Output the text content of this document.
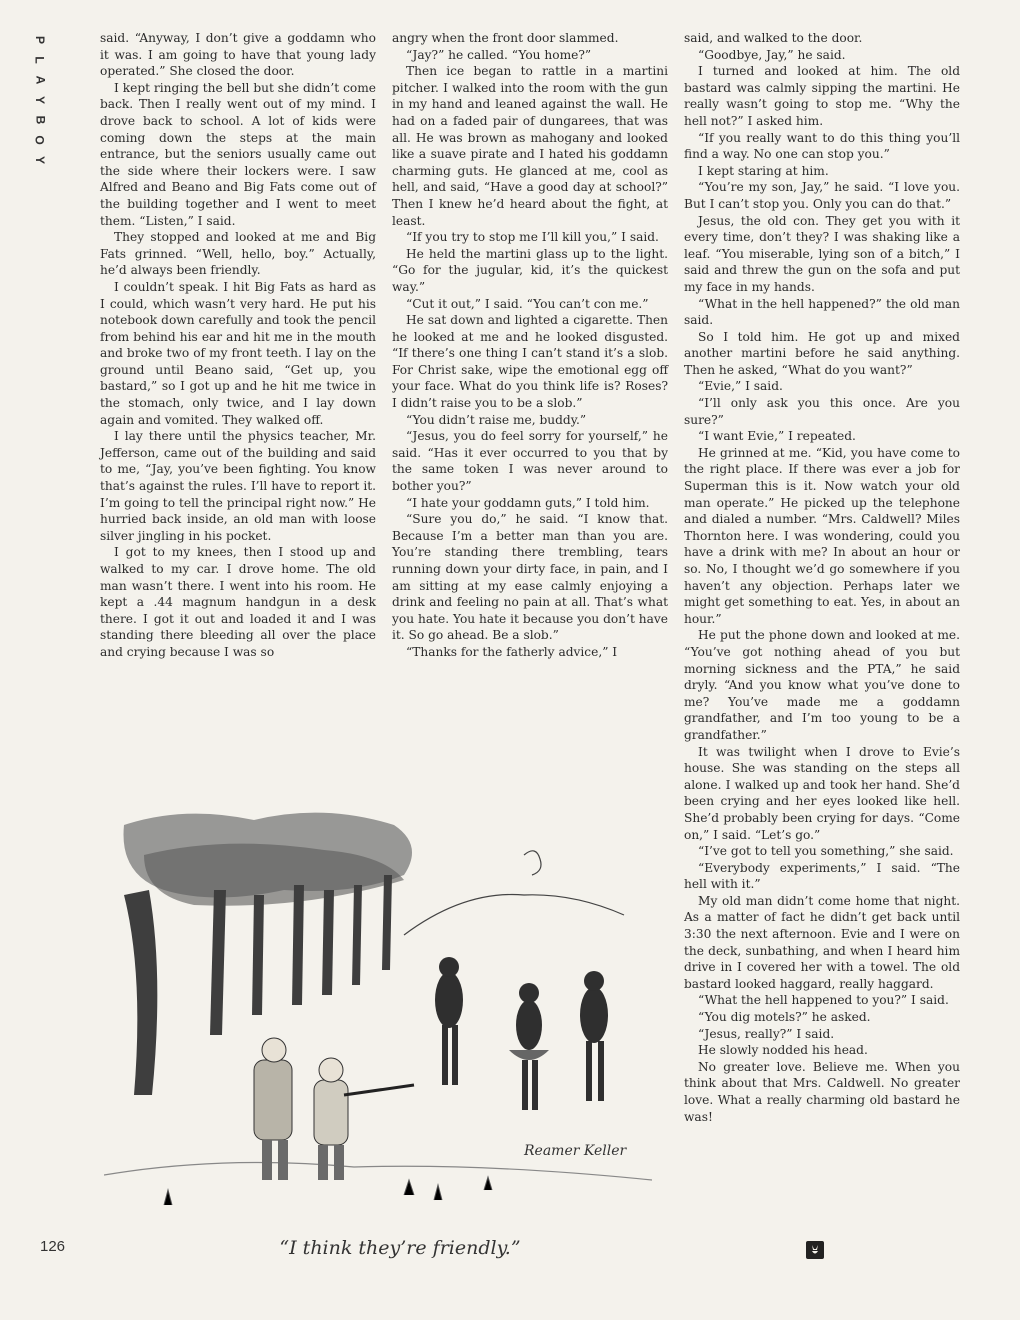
P
L
A
Y
B
O
Y

said. “Anyway, I don’t give a goddamn who it was. I am going to have that young lady operated.” She closed the door.

I kept ringing the bell but she didn’t come back. Then I really went out of my mind. I drove back to school. A lot of kids were coming down the steps at the main entrance, but the seniors usually came out the side where their lockers were. I saw Alfred and Beano and Big Fats come out of the building together and I went to meet them. “Listen,” I said.

They stopped and looked at me and Big Fats grinned. “Well, hello, boy.” Actually, he’d always been friendly.

I couldn’t speak. I hit Big Fats as hard as I could, which wasn’t very hard. He put his notebook down carefully and took the pencil from behind his ear and hit me in the mouth and broke two of my front teeth. I lay on the ground until Beano said, “Get up, you bastard,” so I got up and he hit me twice in the stomach, only twice, and I lay down again and vomited. They walked off.

I lay there until the physics teacher, Mr. Jefferson, came out of the building and said to me, “Jay, you’ve been fighting. You know that’s against the rules. I’ll have to report it. I’m going to tell the principal right now.” He hurried back inside, an old man with loose silver jingling in his pocket.

I got to my knees, then I stood up and walked to my car. I drove home. The old man wasn’t there. I went into his room. He kept a .44 magnum handgun in a desk there. I got it out and loaded it and I was standing there bleeding all over the place and crying because I was so

angry when the front door slammed.

“Jay?” he called. “You home?”

Then ice began to rattle in a martini pitcher. I walked into the room with the gun in my hand and leaned against the wall. He had on a faded pair of dungarees, that was all. He was brown as mahogany and looked like a suave pirate and I hated his goddamn charming guts. He glanced at me, cool as hell, and said, “Have a good day at school?” Then I knew he’d heard about the fight, at least.

“If you try to stop me I’ll kill you,” I said.

He held the martini glass up to the light. “Go for the jugular, kid, it’s the quickest way.”

“Cut it out,” I said. “You can’t con me.”

He sat down and lighted a cigarette. Then he looked at me and he looked disgusted. “If there’s one thing I can’t stand it’s a slob. For Christ sake, wipe the emotional egg off your face. What do you think life is? Roses? I didn’t raise you to be a slob.”

“You didn’t raise me, buddy.”

“Jesus, you do feel sorry for yourself,” he said. “Has it ever occurred to you that by the same token I was never around to bother you?”

“I hate your goddamn guts,” I told him.

“Sure you do,” he said. “I know that. Because I’m a better man than you are. You’re standing there trembling, tears running down your dirty face, in pain, and I am sitting at my ease calmly enjoying a drink and feeling no pain at all. That’s what you hate. You hate it because you don’t have it. So go ahead. Be a slob.”

“Thanks for the fatherly advice,” I

said, and walked to the door.

“Goodbye, Jay,” he said.

I turned and looked at him. The old bastard was calmly sipping the martini. He really wasn’t going to stop me. “Why the hell not?” I asked him.

“If you really want to do this thing you’ll find a way. No one can stop you.”

I kept staring at him.

“You’re my son, Jay,” he said. “I love you. But I can’t stop you. Only you can do that.”

Jesus, the old con. They get you with it every time, don’t they? I was shaking like a leaf. “You miserable, lying son of a bitch,” I said and threw the gun on the sofa and put my face in my hands.

“What in the hell happened?” the old man said.

So I told him. He got up and mixed another martini before he said anything. Then he asked, “What do you want?”

“Evie,” I said.

“I’ll only ask you this once. Are you sure?”

“I want Evie,” I repeated.

He grinned at me. “Kid, you have come to the right place. If there was ever a job for Superman this is it. Now watch your old man operate.” He picked up the telephone and dialed a number. “Mrs. Caldwell? Miles Thornton here. I was wondering, could you have a drink with me? In about an hour or so. No, I thought we’d go somewhere if you haven’t any objection. Perhaps later we might get something to eat. Yes, in about an hour.”

He put the phone down and looked at me. “You’ve got nothing ahead of you but morning sickness and the PTA,” he said dryly. “And you know what you’ve done to me? You’ve made me a goddamn grandfather, and I’m too young to be a grandfather.”

It was twilight when I drove to Evie’s house. She was standing on the steps all alone. I walked up and took her hand. She’d been crying and her eyes looked like hell. She’d probably been crying for days. “Come on,” I said. “Let’s go.”

“I’ve got to tell you something,” she said.

“Everybody experiments,” I said. “The hell with it.”

My old man didn’t come home that night. As a matter of fact he didn’t get back until 3:30 the next afternoon. Evie and I were on the deck, sunbathing, and when I heard him drive in I covered her with a towel. The old bastard looked haggard, really haggard.

“What the hell happened to you?” I said.

“You dig motels?” he asked.

“Jesus, really?” I said.

He slowly nodded his head.

No greater love. Believe me. When you think about that Mrs. Caldwell. No greater love. What a really charming old bastard he was!

Reamer Keller
“I think they’re friendly.”
126
